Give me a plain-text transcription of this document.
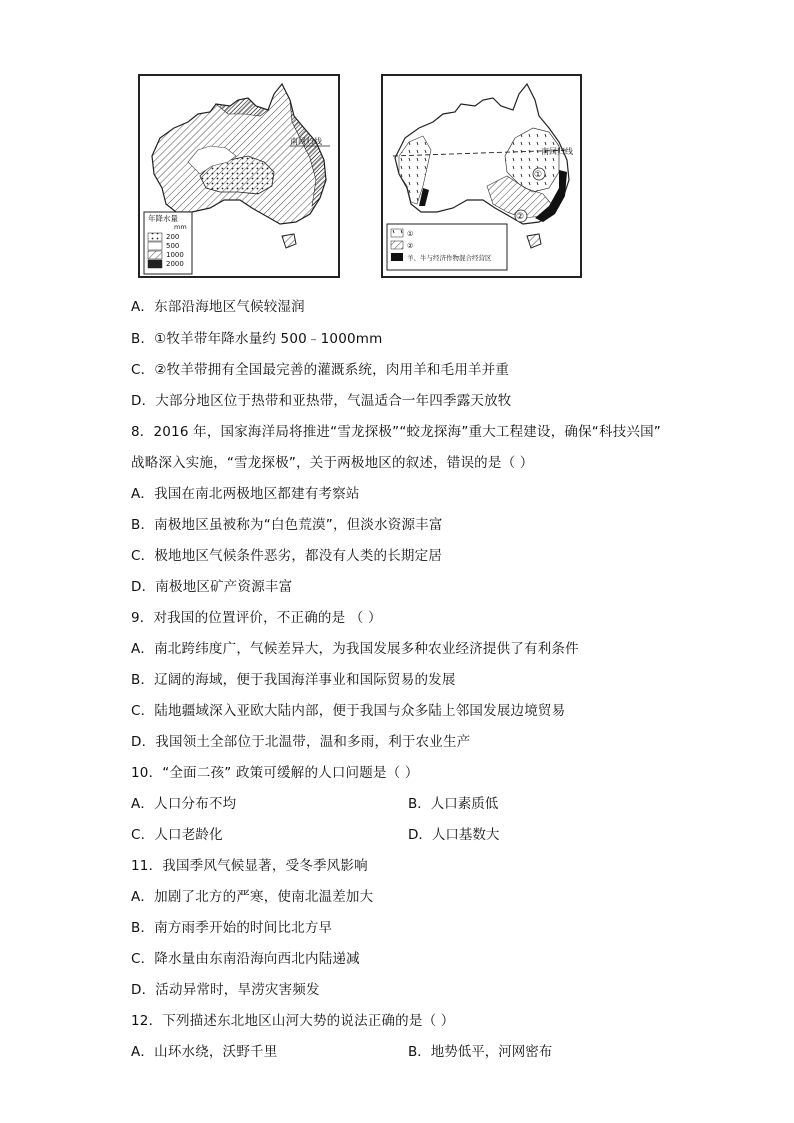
南回归线
年降水量
mm
200
500
1000
2000
南回归线
①
②
①
②
羊、牛与经济作物混合经营区
A．东部沿海地区气候较湿润
B．①牧羊带年降水量约 500﹣1000mm
C．②牧羊带拥有全国最完善的灌溉系统，肉用羊和毛用羊并重
D．大部分地区位于热带和亚热带，气温适合一年四季露天放牧
8．2016 年，国家海洋局将推进“雪龙探极”“蛟龙探海”重大工程建设，确保“科技兴国”
战略深入实施，“雪龙探极”，关于两极地区的叙述，错误的是（ ）
A．我国在南北两极地区都建有考察站
B．南极地区虽被称为“白色荒漠”，但淡水资源丰富
C．极地地区气候条件恶劣，都没有人类的长期定居
D．南极地区矿产资源丰富
9．对我国的位置评价，不正确的是 （ ）
A．南北跨纬度广，气候差异大，为我国发展多种农业经济提供了有利条件
B．辽阔的海域，便于我国海洋事业和国际贸易的发展
C．陆地疆域深入亚欧大陆内部，便于我国与众多陆上邻国发展边境贸易
D．我国领土全部位于北温带，温和多雨，利于农业生产
10．“全面二孩” 政策可缓解的人口问题是（ ）
A．人口分布不均	B．人口素质低
C．人口老龄化	D．人口基数大
11．我国季风气候显著，受冬季风影响
A．加剧了北方的严寒，使南北温差加大
B．南方雨季开始的时间比北方早
C．降水量由东南沿海向西北内陆递减
D．活动异常时，旱涝灾害频发
12．下列描述东北地区山河大势的说法正确的是（ ）
A．山环水绕，沃野千里	B．地势低平，河网密布
